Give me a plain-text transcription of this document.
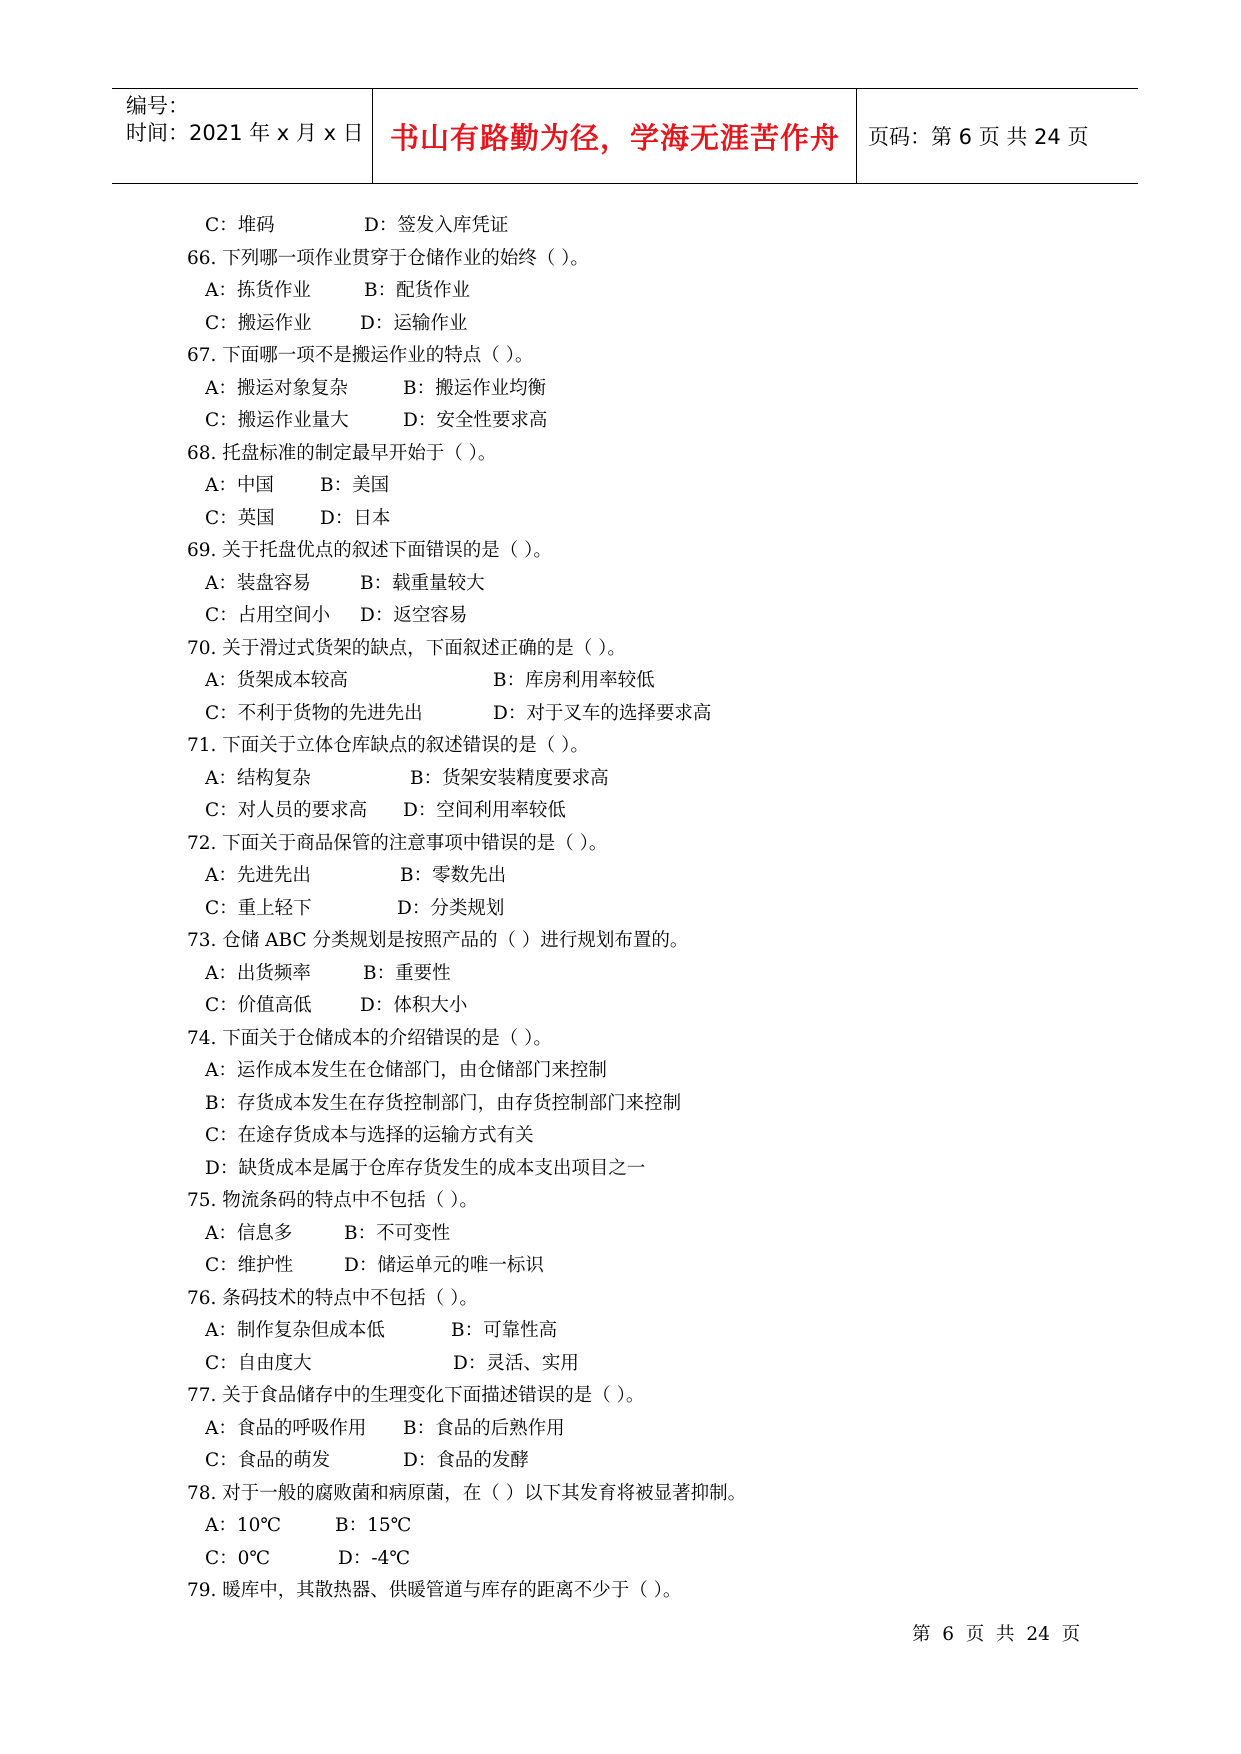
编号：
时间：2021 年 x 月 x 日 书山有路勤为径，学海无涯苦作舟	页码：第 6 页 共 24 页
C：堆码	D：签发入库凭证
66. 下列哪一项作业贯穿于仓储作业的始终（ ）。
A：拣货作业	B：配货作业
C：搬运作业	D：运输作业
67. 下面哪一项不是搬运作业的特点（ ）。
A：搬运对象复杂	B：搬运作业均衡
C：搬运作业量大	D：安全性要求高
68. 托盘标准的制定最早开始于（ ）。
A：中国 B：美国
C：英国 D：日本
69. 关于托盘优点的叙述下面错误的是（ ）。
A：装盘容易	B：载重量较大
C：占用空间小 D：返空容易
70. 关于滑过式货架的缺点，下面叙述正确的是（ ）。
A：货架成本较高	B：库房利用率较低
C：不利于货物的先进先出	D：对于叉车的选择要求高
71. 下面关于立体仓库缺点的叙述错误的是（ ）。
A：结构复杂	B：货架安装精度要求高
C：对人员的要求高 D：空间利用率较低
72. 下面关于商品保管的注意事项中错误的是（ ）。
A：先进先出	B：零数先出
C：重上轻下	D：分类规划
73. 仓储 ABC 分类规划是按照产品的（ ）进行规划布置的。
A：出货频率	B：重要性
C：价值高低	D：体积大小
74. 下面关于仓储成本的介绍错误的是（ ）。
A：运作成本发生在仓储部门，由仓储部门来控制
B：存货成本发生在存货控制部门，由存货控制部门来控制
C：在途存货成本与选择的运输方式有关
D：缺货成本是属于仓库存货发生的成本支出项目之一
75. 物流条码的特点中不包括（ ）。
A：信息多	B：不可变性
C：维护性	D：储运单元的唯一标识
76. 条码技术的特点中不包括（ ）。
A：制作复杂但成本低	B：可靠性高
C：自由度大	D：灵活、实用
77. 关于食品储存中的生理变化下面描述错误的是（ ）。
A：食品的呼吸作用 B：食品的后熟作用
C：食品的萌发	D：食品的发酵
78. 对于一般的腐败菌和病原菌，在（ ）以下其发育将被显著抑制。
A：10℃	B：15℃
C：0℃	D：-4℃
79. 暖库中，其散热器、供暖管道与库存的距离不少于（ ）。
第  6  页  共  24  页
